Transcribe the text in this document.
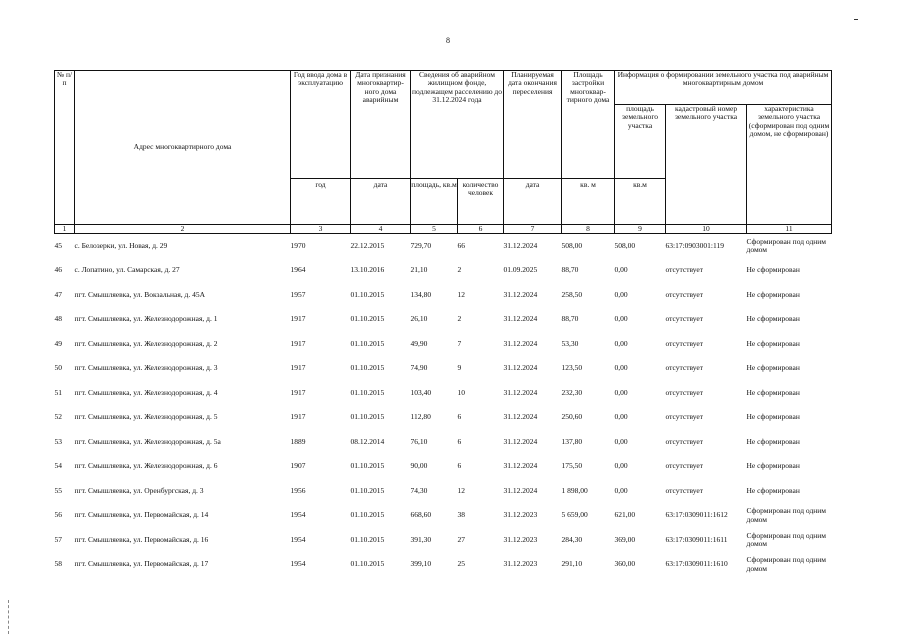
8
№ п/п	Адрес многоквартирного дома	Год ввода дома в эксплуатацию	Дата признания многоквартир-ного дома аварийным	Сведения об аварийном жилищном фонде, подлежащем расселению до 31.12.2024 года		Планируемая дата окончания переселения	Площадь застройки многоквар-тирного дома	Информация о формировании земельного участка под аварийным многоквартирным домом		
								площадь земельного участка	кадастровый номер земельного участка	характеристика земельного участка (сформирован под одним домом, не сформирован)
		год	дата	площадь, кв.м	количество человек	дата	кв. м	кв.м		
1	2	3	4	5	6	7	8	9	10	11
45	с. Белозерки, ул. Новая, д. 29	1970	22.12.2015	729,70	66	31.12.2024	508,00	508,00	63:17:0903001:119	Сформирован под одним домом
46	с. Лопатино, ул. Самарская, д. 27	1964	13.10.2016	21,10	2	01.09.2025	88,70	0,00	отсутствует	Не сформирован
47	пгт. Смышляевка, ул. Вокзальная, д. 45А	1957	01.10.2015	134,80	12	31.12.2024	258,50	0,00	отсутствует	Не сформирован
48	пгт. Смышляевка, ул. Железнодорожная, д. 1	1917	01.10.2015	26,10	2	31.12.2024	88,70	0,00	отсутствует	Не сформирован
49	пгт. Смышляевка, ул. Железнодорожная, д. 2	1917	01.10.2015	49,90	7	31.12.2024	53,30	0,00	отсутствует	Не сформирован
50	пгт. Смышляевка, ул. Железнодорожная, д. 3	1917	01.10.2015	74,90	9	31.12.2024	123,50	0,00	отсутствует	Не сформирован
51	пгт. Смышляевка, ул. Железнодорожная, д. 4	1917	01.10.2015	103,40	10	31.12.2024	232,30	0,00	отсутствует	Не сформирован
52	пгт. Смышляевка, ул. Железнодорожная, д. 5	1917	01.10.2015	112,80	6	31.12.2024	250,60	0,00	отсутствует	Не сформирован
53	пгт. Смышляевка, ул. Железнодорожная, д. 5а	1889	08.12.2014	76,10	6	31.12.2024	137,80	0,00	отсутствует	Не сформирован
54	пгт. Смышляевка, ул. Железнодорожная, д. 6	1907	01.10.2015	90,00	6	31.12.2024	175,50	0,00	отсутствует	Не сформирован
55	пгт. Смышляевка, ул. Оренбургская, д. 3	1956	01.10.2015	74,30	12	31.12.2024	1 898,00	0,00	отсутствует	Не сформирован
56	пгт. Смышляевка, ул. Первомайская, д. 14	1954	01.10.2015	668,60	38	31.12.2023	5 659,00	621,00	63:17:0309011:1612	Сформирован под одним домом
57	пгт. Смышляевка, ул. Первомайская, д. 16	1954	01.10.2015	391,30	27	31.12.2023	284,30	369,00	63:17:0309011:1611	Сформирован под одним домом
58	пгт. Смышляевка, ул. Первомайская, д. 17	1954	01.10.2015	399,10	25	31.12.2023	291,10	360,00	63:17:0309011:1610	Сформирован под одним домом
